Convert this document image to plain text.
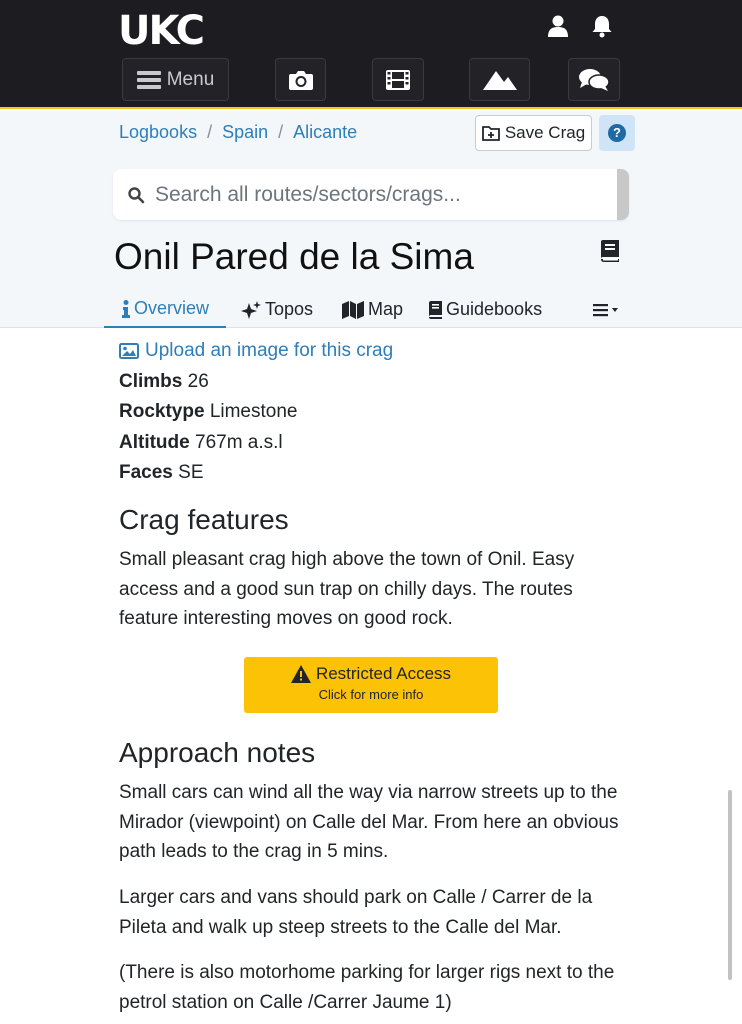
UKC
Menu
Logbooks / Spain / Alicante	Save Crag	?
Search all routes/sectors/crags...
Onil Pared de la Sima
Overview	Topos	Map Guidebooks
Upload an image for this crag
Climbs 26
Rocktype Limestone
Altitude 767m a.s.l
Faces SE
Crag features

Small pleasant crag high above the town of Onil. Easy access and a good sun trap on chilly days. The routes feature interesting moves on good rock.

Restricted Access
Click for more info
Approach notes

Small cars can wind all the way via narrow streets up to the Mirador (viewpoint) on Calle del Mar. From here an obvious path leads to the crag in 5 mins.

Larger cars and vans should park on Calle / Carrer de la Pileta and walk up steep streets to the Calle del Mar.

(There is also motorhome parking for larger rigs next to the petrol station on Calle /Carrer Jaume 1)
